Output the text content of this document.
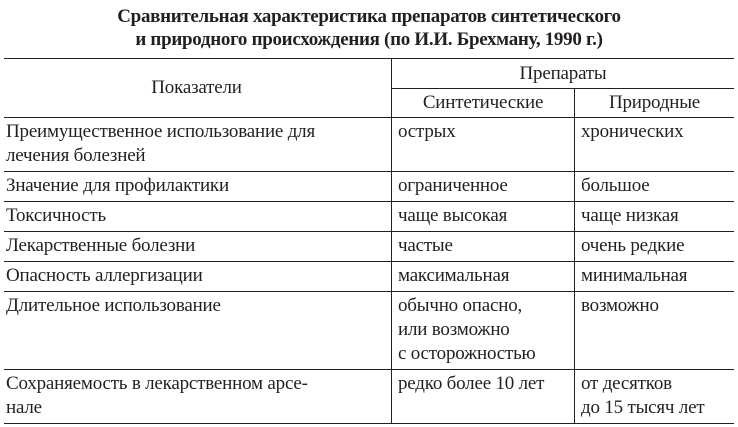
Сравнительная характеристика препаратов синтетического
и природного происхождения (по И.И. Брехману, 1990 г.)
Показатели	Препараты	
	Синтетические	Природные

Преимущественное использование для
лечения болезней	острых	хронических

Значение для профилактики	ограниченное	большое

Токсичность	чаще высокая	чаще низкая

Лекарственные болезни	частые	очень редкие

Опасность аллергизации	максимальная	минимальная

Длительное использование	обычно опасно,
или возможно
с осторожностью	возможно

Сохраняемость в лекарственном арсе-
нале	редко более 10 лет	от десятков
до 15 тысяч лет
